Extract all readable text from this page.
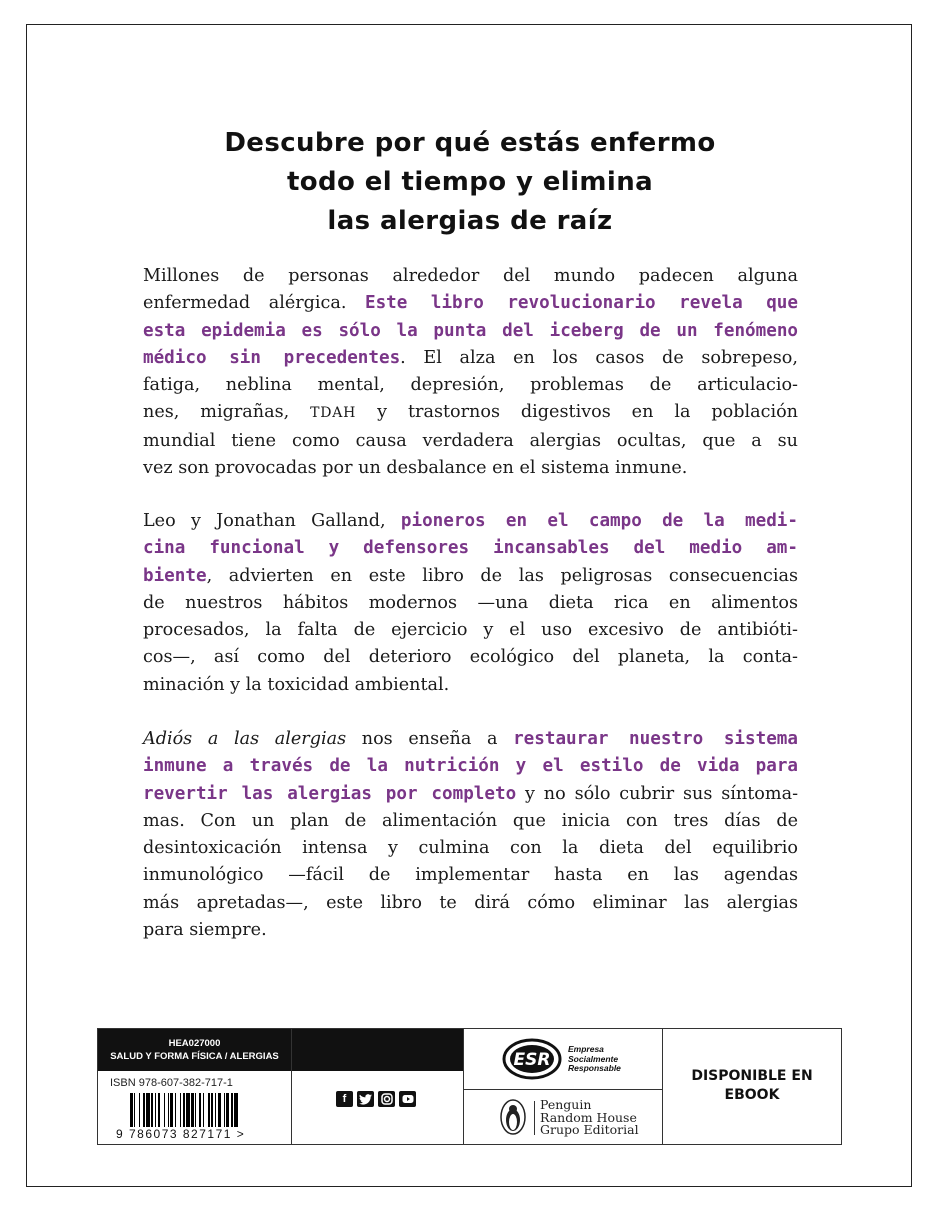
Descubre por qué estás enfermo
todo el tiempo y elimina
las alergias de raíz
Millones de personas alrededor del mundo padecen alguna
enfermedad alérgica. Este libro revolucionario revela que
esta epidemia es sólo la punta del iceberg de un fenómeno
médico sin precedentes. El alza en los casos de sobrepeso,
fatiga, neblina mental, depresión, problemas de articulacio-
nes, migrañas, TDAH y trastornos digestivos en la población
mundial tiene como causa verdadera alergias ocultas, que a su
vez son provocadas por un desbalance en el sistema inmune.
Leo y Jonathan Galland, pioneros en el campo de la medi-
cina funcional y defensores incansables del medio am-
biente, advierten en este libro de las peligrosas consecuencias
de nuestros hábitos modernos —una dieta rica en alimentos
procesados, la falta de ejercicio y el uso excesivo de antibióti-
cos—, así como del deterioro ecológico del planeta, la conta-
minación y la toxicidad ambiental.
Adiós a las alergias nos enseña a restaurar nuestro sistema
inmune a través de la nutrición y el estilo de vida para
revertir las alergias por completo y no sólo cubrir sus síntoma-
mas. Con un plan de alimentación que inicia con tres días de
desintoxicación intensa y culmina con la dieta del equilibrio
inmunológico —fácil de implementar hasta en las agendas
más apretadas—, este libro te dirá cómo eliminar las alergias
para siempre.
HEA027000
SALUD Y FORMA FÍSICA / ALERGIAS
ISBN 978-607-382-717-1
9 786073 827171 >
f
ESR
Empresa
Socialmente
Responsable
Penguin
Random House
Grupo Editorial
DISPONIBLE EN
EBOOK
